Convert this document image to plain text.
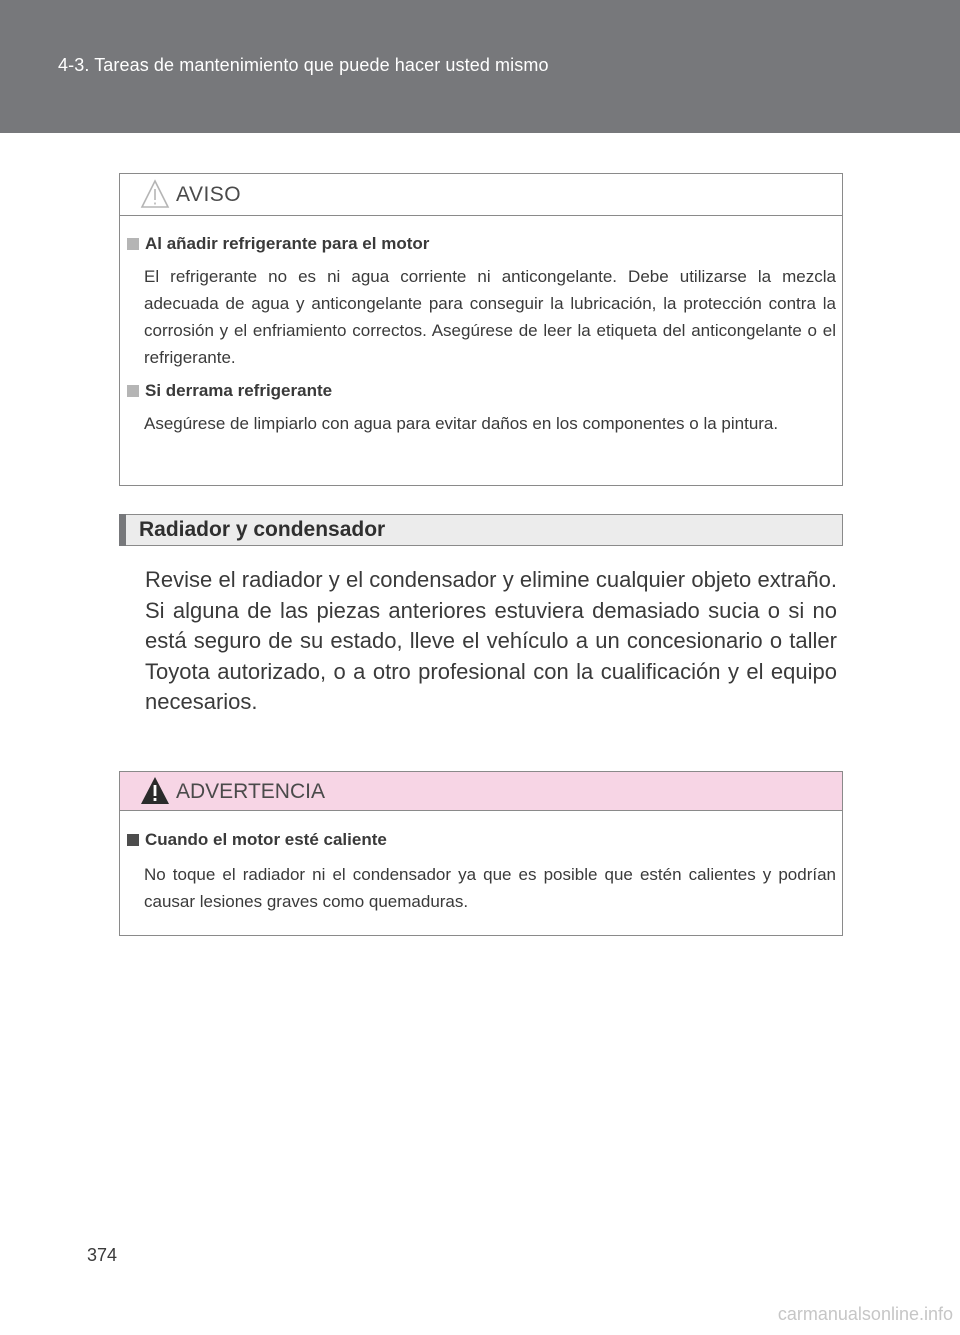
4-3. Tareas de mantenimiento que puede hacer usted mismo
AVISO
Al añadir refrigerante para el motor
El refrigerante no es ni agua corriente ni anticongelante. Debe utilizarse la mezcla adecuada de agua y anticongelante para conseguir la lubricación, la protección contra la corrosión y el enfriamiento correctos. Asegúrese de leer la etiqueta del anticongelante o el refrigerante.
Si derrama refrigerante
Asegúrese de limpiarlo con agua para evitar daños en los componentes o la pintura.
Radiador y condensador
Revise el radiador y el condensador y elimine cualquier objeto extraño. Si alguna de las piezas anteriores estuviera demasiado sucia o si no está seguro de su estado, lleve el vehículo a un concesionario o taller Toyota autorizado, o a otro profesional con la cualificación y el equipo necesarios.
ADVERTENCIA
Cuando el motor esté caliente
No toque el radiador ni el condensador ya que es posible que estén calientes y podrían causar lesiones graves como quemaduras.
374
carmanualsonline.info
